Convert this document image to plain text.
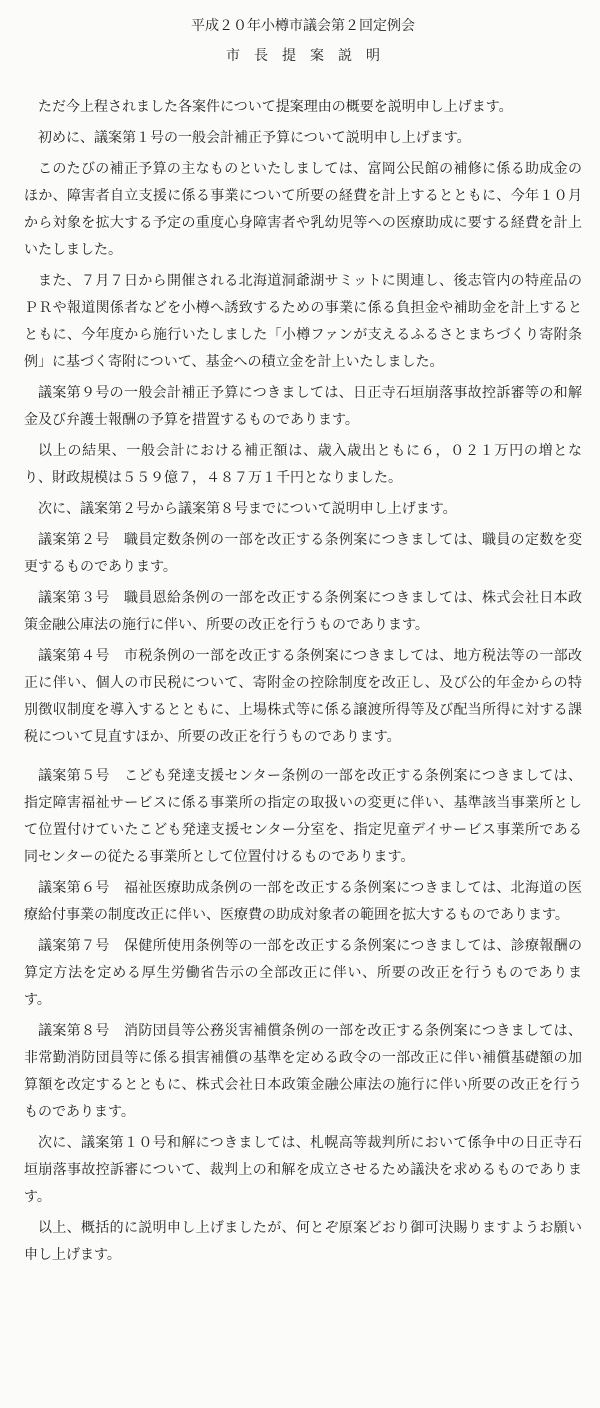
平成２０年小樽市議会第２回定例会
市長提案説明

ただ今上程されました各案件について提案理由の概要を説明申し上げます。

初めに、議案第１号の一般会計補正予算について説明申し上げます。

このたびの補正予算の主なものといたしましては、富岡公民館の補修に係る助成金のほか、障害者自立支援に係る事業について所要の経費を計上するとともに、今年１０月から対象を拡大する予定の重度心身障害者や乳幼児等への医療助成に要する経費を計上いたしました。

また、７月７日から開催される北海道洞爺湖サミットに関連し、後志管内の特産品のＰＲや報道関係者などを小樽へ誘致するための事業に係る負担金や補助金を計上するとともに、今年度から施行いたしました「小樽ファンが支えるふるさとまちづくり寄附条例」に基づく寄附について、基金への積立金を計上いたしました。

議案第９号の一般会計補正予算につきましては、日正寺石垣崩落事故控訴審等の和解金及び弁護士報酬の予算を措置するものであります。

以上の結果、一般会計における補正額は、歳入歳出ともに６，０２１万円の増となり、財政規模は５５９億７，４８７万１千円となりました。

次に、議案第２号から議案第８号までについて説明申し上げます。

議案第２号　職員定数条例の一部を改正する条例案につきましては、職員の定数を変更するものであります。

議案第３号　職員恩給条例の一部を改正する条例案につきましては、株式会社日本政策金融公庫法の施行に伴い、所要の改正を行うものであります。

議案第４号　市税条例の一部を改正する条例案につきましては、地方税法等の一部改正に伴い、個人の市民税について、寄附金の控除制度を改正し、及び公的年金からの特別徴収制度を導入するとともに、上場株式等に係る譲渡所得等及び配当所得に対する課税について見直すほか、所要の改正を行うものであります。

議案第５号　こども発達支援センター条例の一部を改正する条例案につきましては、指定障害福祉サービスに係る事業所の指定の取扱いの変更に伴い、基準該当事業所として位置付けていたこども発達支援センター分室を、指定児童デイサービス事業所である同センターの従たる事業所として位置付けるものであります。

議案第６号　福祉医療助成条例の一部を改正する条例案につきましては、北海道の医療給付事業の制度改正に伴い、医療費の助成対象者の範囲を拡大するものであります。

議案第７号　保健所使用条例等の一部を改正する条例案につきましては、診療報酬の算定方法を定める厚生労働省告示の全部改正に伴い、所要の改正を行うものであります。

議案第８号　消防団員等公務災害補償条例の一部を改正する条例案につきましては、非常勤消防団員等に係る損害補償の基準を定める政令の一部改正に伴い補償基礎額の加算額を改定するとともに、株式会社日本政策金融公庫法の施行に伴い所要の改正を行うものであります。

次に、議案第１０号和解につきましては、札幌高等裁判所において係争中の日正寺石垣崩落事故控訴審について、裁判上の和解を成立させるため議決を求めるものであります。

以上、概括的に説明申し上げましたが、何とぞ原案どおり御可決賜りますようお願い申し上げます。
